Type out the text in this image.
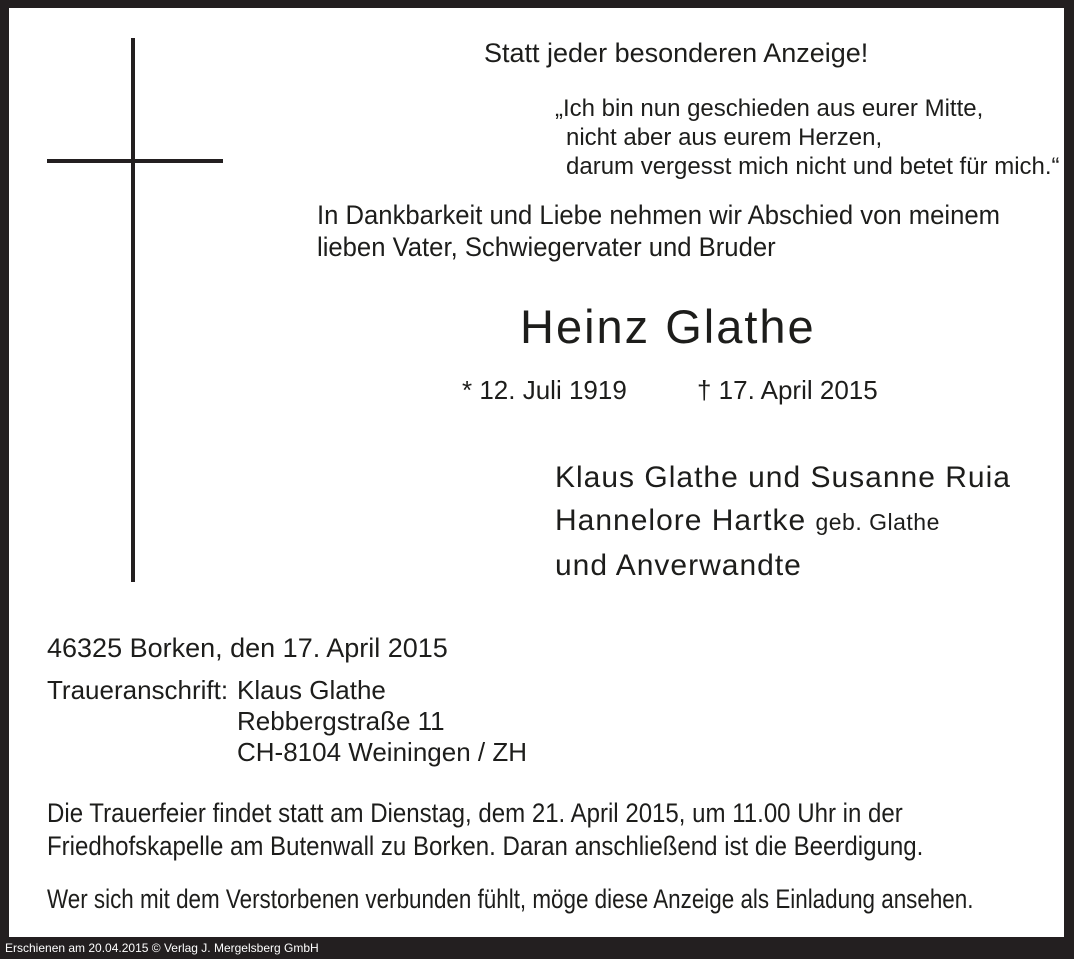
Statt jeder besonderen Anzeige!
„Ich bin nun geschieden aus eurer Mitte,
nicht aber aus eurem Herzen,
darum vergesst mich nicht und betet für mich.“
In Dankbarkeit und Liebe nehmen wir Abschied von meinem
lieben Vater, Schwiegervater und Bruder
Heinz Glathe
* 12. Juli 1919	† 17. April 2015
Klaus Glathe und Susanne Ruia
Hannelore Hartke geb. Glathe
und Anverwandte
46325 Borken, den 17. April 2015
Traueranschrift: Klaus Glathe
Rebbergstraße 11
CH-8104 Weiningen / ZH
Die Trauerfeier findet statt am Dienstag, dem 21. April 2015, um 11.00 Uhr in der
Friedhofskapelle am Butenwall zu Borken. Daran anschließend ist die Beerdigung.
Wer sich mit dem Verstorbenen verbunden fühlt, möge diese Anzeige als Einladung ansehen.
Erschienen am 20.04.2015 © Verlag J. Mergelsberg GmbH
